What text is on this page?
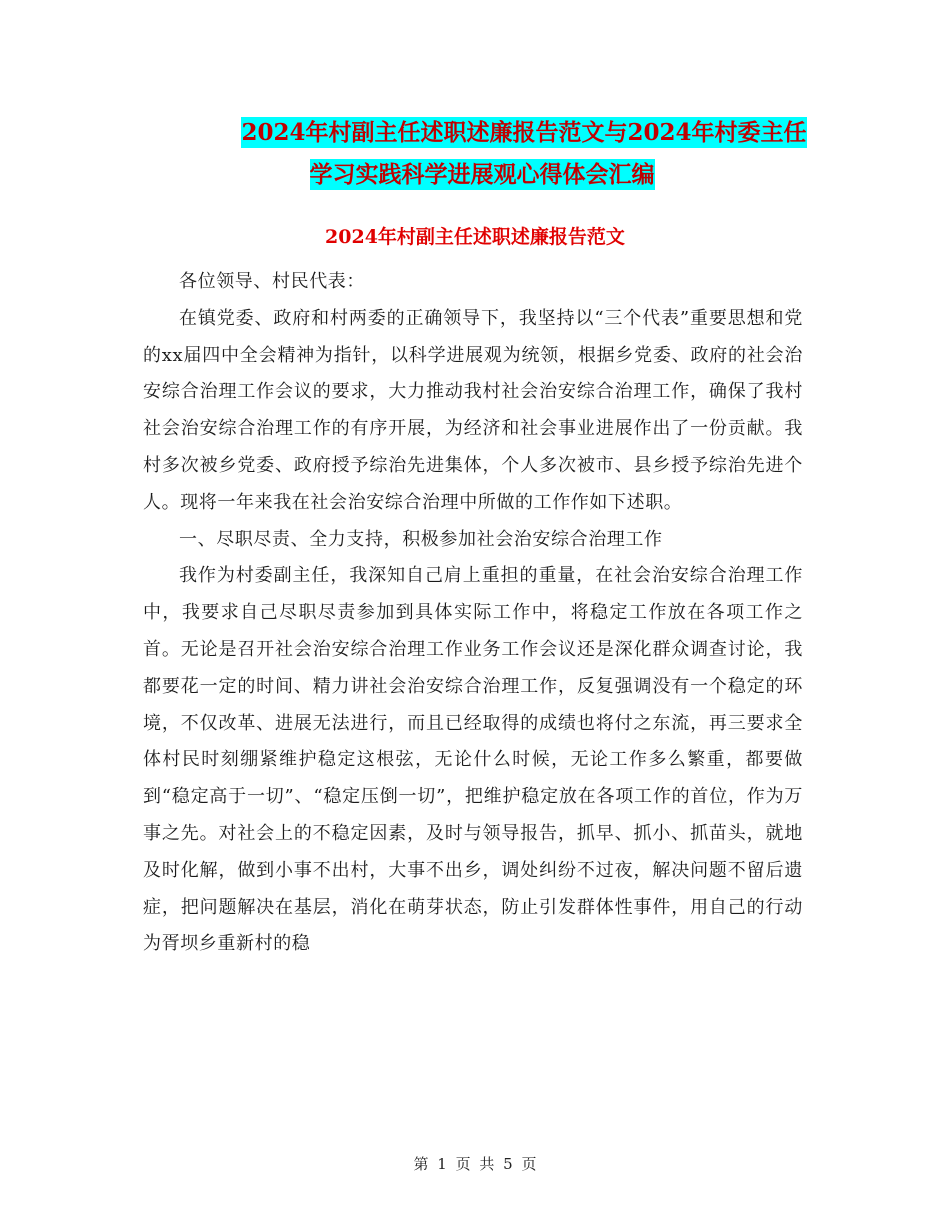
2024年村副主任述职述廉报告范文与2024年村委主任
学习实践科学进展观心得体会汇编
2024年村副主任述职述廉报告范文

各位领导、村民代表：

在镇党委、政府和村两委的正确领导下，我坚持以“三个代表”重要思想和党的xx届四中全会精神为指针，以科学进展观为统领，根据乡党委、政府的社会治安综合治理工作会议的要求，大力推动我村社会治安综合治理工作，确保了我村社会治安综合治理工作的有序开展，为经济和社会事业进展作出了一份贡献。我村多次被乡党委、政府授予综治先进集体，个人多次被市、县乡授予综治先进个人。现将一年来我在社会治安综合治理中所做的工作作如下述职。

一、尽职尽责、全力支持，积极参加社会治安综合治理工作

我作为村委副主任，我深知自己肩上重担的重量，在社会治安综合治理工作中，我要求自己尽职尽责参加到具体实际工作中，将稳定工作放在各项工作之首。无论是召开社会治安综合治理工作业务工作会议还是深化群众调查讨论，我都要花一定的时间、精力讲社会治安综合治理工作，反复强调没有一个稳定的环境，不仅改革、进展无法进行，而且已经取得的成绩也将付之东流，再三要求全体村民时刻绷紧维护稳定这根弦，无论什么时候，无论工作多么繁重，都要做到“稳定高于一切”、“稳定压倒一切”，把维护稳定放在各项工作的首位，作为万事之先。对社会上的不稳定因素，及时与领导报告，抓早、抓小、抓苗头，就地及时化解，做到小事不出村，大事不出乡，调处纠纷不过夜，解决问题不留后遗症，把问题解决在基层，消化在萌芽状态，防止引发群体性事件，用自己的行动为胥坝乡重新村的稳

第 1 页 共 5 页
